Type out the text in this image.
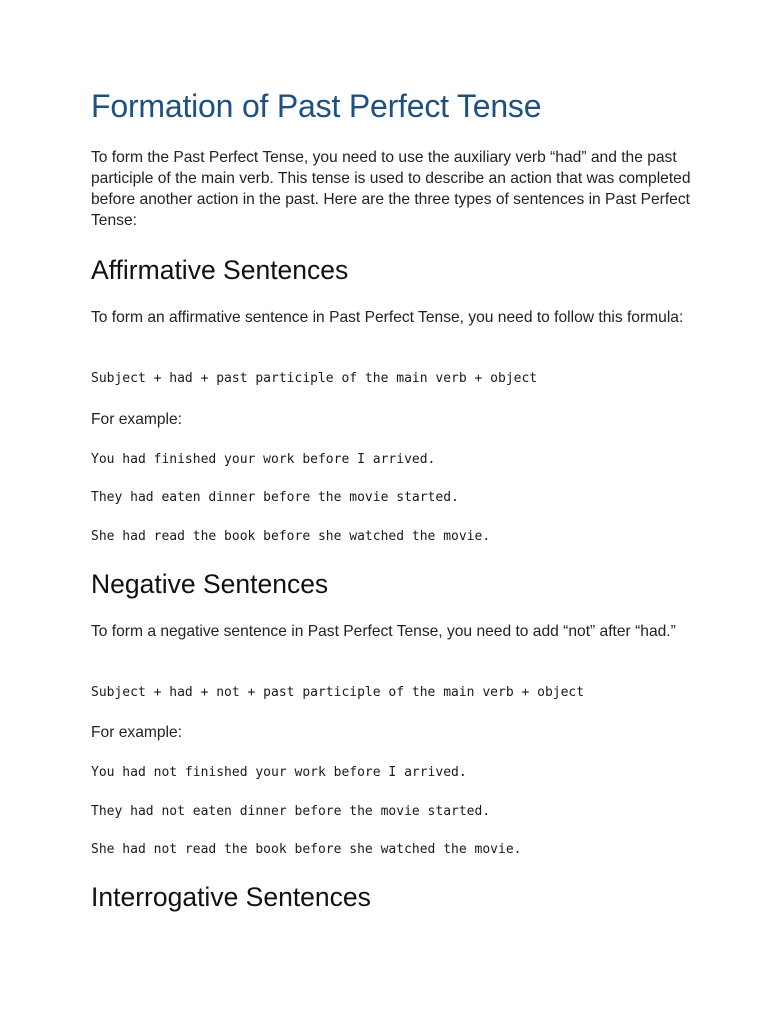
Formation of Past Perfect Tense

To form the Past Perfect Tense, you need to use the auxiliary verb “had” and the past participle of the main verb. This tense is used to describe an action that was completed before another action in the past. Here are the three types of sentences in Past Perfect Tense:

Affirmative Sentences

To form an affirmative sentence in Past Perfect Tense, you need to follow this formula:

Subject + had + past participle of the main verb + object

For example:

You had finished your work before I arrived.
They had eaten dinner before the movie started.
She had read the book before she watched the movie.
Negative Sentences

To form a negative sentence in Past Perfect Tense, you need to add “not” after “had.”

Subject + had + not + past participle of the main verb + object

For example:

You had not finished your work before I arrived.
They had not eaten dinner before the movie started.
She had not read the book before she watched the movie.
Interrogative Sentences
